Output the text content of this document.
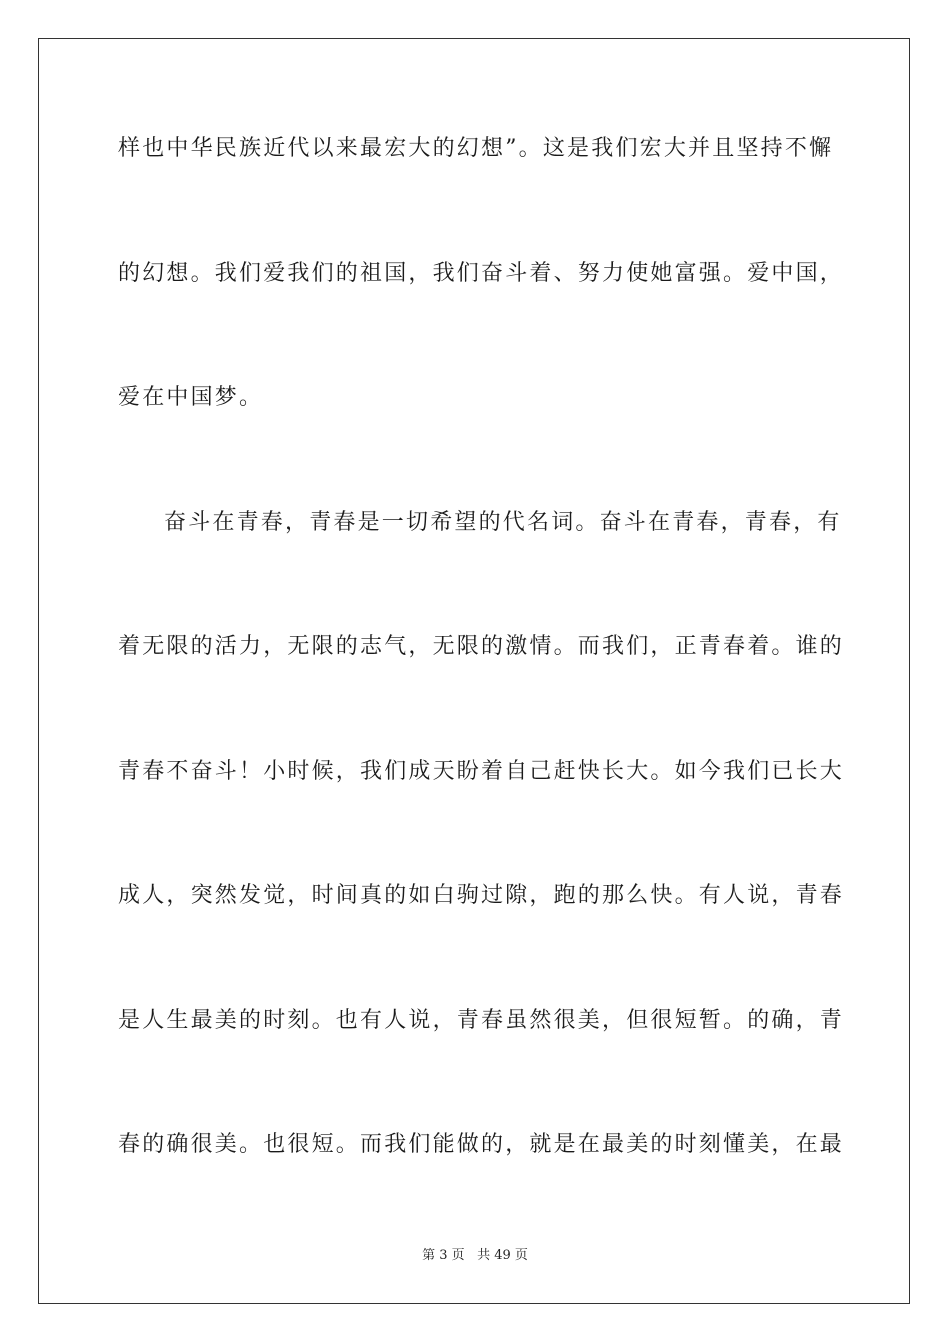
样也中华民族近代以来最宏大的幻想”。这是我们宏大并且坚持不懈
的幻想。我们爱我们的祖国，我们奋斗着、努力使她富强。爱中国，
爱在中国梦。
奋斗在青春，青春是一切希望的代名词。奋斗在青春，青春，有
着无限的活力，无限的志气，无限的激情。而我们，正青春着。谁的
青春不奋斗！小时候，我们成天盼着自己赶快长大。如今我们已长大
成人，突然发觉，时间真的如白驹过隙，跑的那么快。有人说，青春
是人生最美的时刻。也有人说，青春虽然很美，但很短暂。的确，青
春的确很美。也很短。而我们能做的，就是在最美的时刻懂美，在最
第 3 页 共 49 页
